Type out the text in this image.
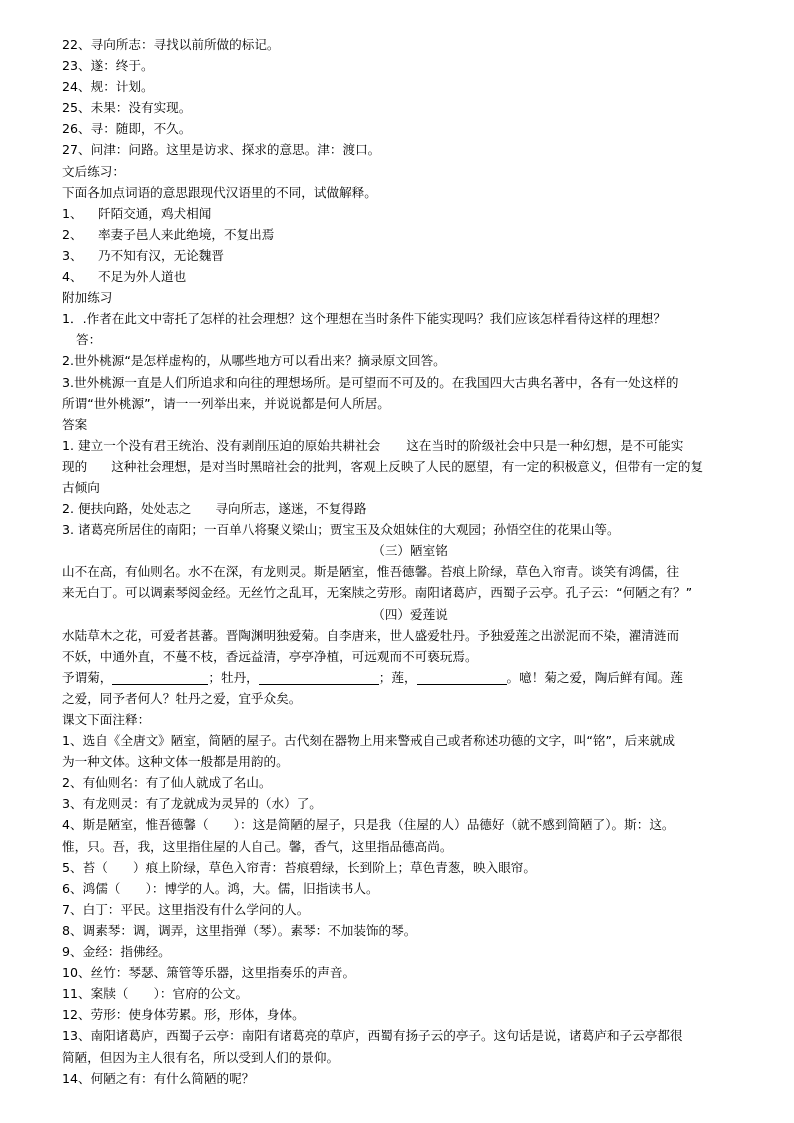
22、寻向所志：寻找以前所做的标记。
23、遂：终于。
24、规：计划。
25、未果：没有实现。
26、寻：随即，不久。
27、问津：问路。这里是访求、探求的意思。津：渡口。
文后练习：
下面各加点词语的意思跟现代汉语里的不同，试做解释。
1、 阡陌交通，鸡犬相闻
2、 率妻子邑人来此绝境，不复出焉
3、 乃不知有汉，无论魏晋
4、 不足为外人道也
附加练习
1．.作者在此文中寄托了怎样的社会理想？这个理想在当时条件下能实现吗？我们应该怎样看待这样的理想？
答：
2.世外桃源“是怎样虚构的，从哪些地方可以看出来？摘录原文回答。
3.世外桃源一直是人们所追求和向往的理想场所。是可望而不可及的。在我国四大古典名著中，各有一处这样的
所谓“世外桃源”，请一一列举出来，并说说都是何人所居。
答案
1. 建立一个没有君王统治、没有剥削压迫的原始共耕社会 这在当时的阶级社会中只是一种幻想，是不可能实
现的 这种社会理想，是对当时黑暗社会的批判，客观上反映了人民的愿望，有一定的积极意义，但带有一定的复
古倾向
2. 便扶向路，处处志之 寻向所志，遂迷，不复得路
3. 诸葛亮所居住的南阳；一百单八将聚义梁山；贾宝玉及众姐妹住的大观园；孙悟空住的花果山等。
（三）陋室铭
山不在高，有仙则名。水不在深，有龙则灵。斯是陋室，惟吾德馨。苔痕上阶绿，草色入帘青。谈笑有鸿儒，往
来无白丁。可以调素琴阅金经。无丝竹之乱耳，无案牍之劳形。南阳诸葛庐，西蜀子云亭。孔子云：“何陋之有？”
（四）爱莲说
水陆草木之花，可爱者甚蕃。晋陶渊明独爱菊。自李唐来，世人盛爱牡丹。予独爱莲之出淤泥而不染，濯清涟而
不妖，中通外直，不蔓不枝，香远益清，亭亭净植，可远观而不可亵玩焉。
予谓菊，	；牡丹，	；莲，	。噫！菊之爱，陶后鲜有闻。莲
之爱，同予者何人？牡丹之爱，宜乎众矣。
课文下面注释：
1、选自《全唐文》陋室，简陋的屋子。古代刻在器物上用来警戒自己或者称述功德的文字，叫“铭”，后来就成
为一种文体。这种文体一般都是用韵的。
2、有仙则名：有了仙人就成了名山。
3、有龙则灵：有了龙就成为灵异的（水）了。
4、斯是陋室，惟吾德馨（　　）：这是简陋的屋子，只是我（住屋的人）品德好（就不感到简陋了）。斯：这。
惟，只。吾，我，这里指住屋的人自己。馨，香气，这里指品德高尚。
5、苔（　　）痕上阶绿，草色入帘青：苔痕碧绿，长到阶上；草色青葱，映入眼帘。
6、鸿儒（　　）：博学的人。鸿，大。儒，旧指读书人。
7、白丁：平民。这里指没有什么学问的人。
8、调素琴：调，调弄，这里指弹（琴）。素琴：不加装饰的琴。
9、金经：指佛经。
10、丝竹：琴瑟、箫管等乐器，这里指奏乐的声音。
11、案牍（　　）：官府的公文。
12、劳形：使身体劳累。形，形体，身体。
13、南阳诸葛庐，西蜀子云亭：南阳有诸葛亮的草庐，西蜀有扬子云的亭子。这句话是说，诸葛庐和子云亭都很
简陋，但因为主人很有名，所以受到人们的景仰。
14、何陋之有：有什么简陋的呢？
